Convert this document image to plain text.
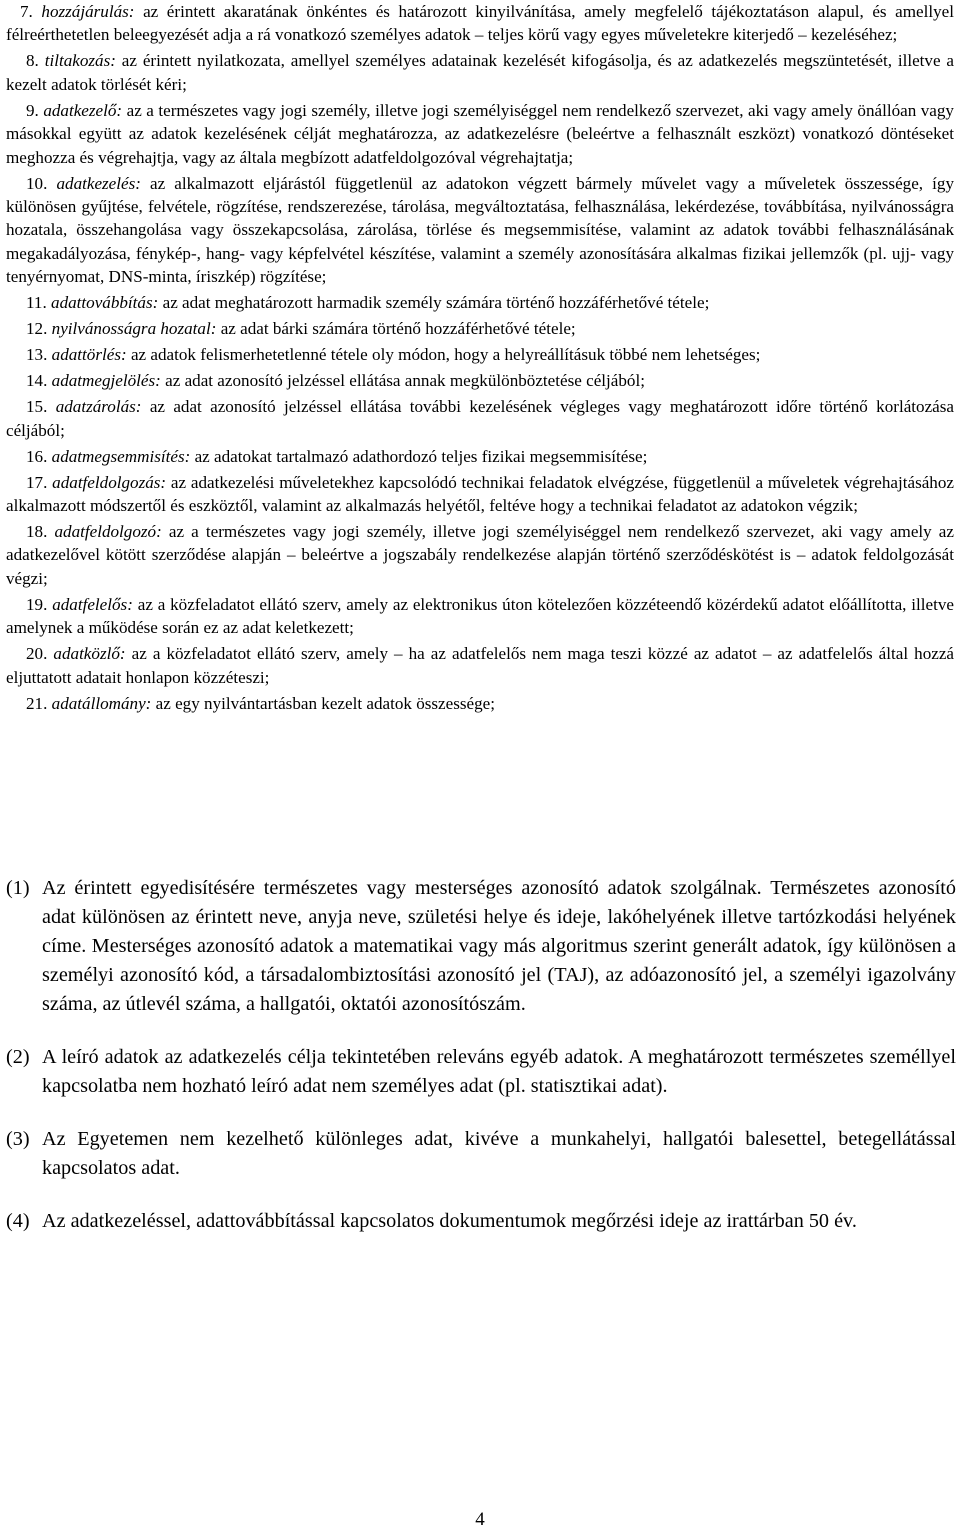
7. hozzájárulás: az érintett akaratának önkéntes és határozott kinyilvánítása, amely megfelelő tájékoztatáson alapul, és amellyel félreérthetetlen beleegyezését adja a rá vonatkozó személyes adatok – teljes körű vagy egyes műveletekre kiterjedő – kezeléséhez;

8. tiltakozás: az érintett nyilatkozata, amellyel személyes adatainak kezelését kifogásolja, és az adatkezelés megszüntetését, illetve a kezelt adatok törlését kéri;

9. adatkezelő: az a természetes vagy jogi személy, illetve jogi személyiséggel nem rendelkező szervezet, aki vagy amely önállóan vagy másokkal együtt az adatok kezelésének célját meghatározza, az adatkezelésre (beleértve a felhasznált eszközt) vonatkozó döntéseket meghozza és végrehajtja, vagy az általa megbízott adatfeldolgozóval végrehajtatja;

10. adatkezelés: az alkalmazott eljárástól függetlenül az adatokon végzett bármely művelet vagy a műveletek összessége, így különösen gyűjtése, felvétele, rögzítése, rendszerezése, tárolása, megváltoztatása, felhasználása, lekérdezése, továbbítása, nyilvánosságra hozatala, összehangolása vagy összekapcsolása, zárolása, törlése és megsemmisítése, valamint az adatok további felhasználásának megakadályozása, fénykép-, hang- vagy képfelvétel készítése, valamint a személy azonosítására alkalmas fizikai jellemzők (pl. ujj- vagy tenyérnyomat, DNS-minta, íriszkép) rögzítése;

11. adattovábbítás: az adat meghatározott harmadik személy számára történő hozzáférhetővé tétele;

12. nyilvánosságra hozatal: az adat bárki számára történő hozzáférhetővé tétele;

13. adattörlés: az adatok felismerhetetlenné tétele oly módon, hogy a helyreállításuk többé nem lehetséges;

14. adatmegjelölés: az adat azonosító jelzéssel ellátása annak megkülönböztetése céljából;

15. adatzárolás: az adat azonosító jelzéssel ellátása további kezelésének végleges vagy meghatározott időre történő korlátozása céljából;

16. adatmegsemmisítés: az adatokat tartalmazó adathordozó teljes fizikai megsemmisítése;

17. adatfeldolgozás: az adatkezelési műveletekhez kapcsolódó technikai feladatok elvégzése, függetlenül a műveletek végrehajtásához alkalmazott módszertől és eszköztől, valamint az alkalmazás helyétől, feltéve hogy a technikai feladatot az adatokon végzik;

18. adatfeldolgozó: az a természetes vagy jogi személy, illetve jogi személyiséggel nem rendelkező szervezet, aki vagy amely az adatkezelővel kötött szerződése alapján – beleértve a jogszabály rendelkezése alapján történő szerződéskötést is – adatok feldolgozását végzi;

19. adatfelelős: az a közfeladatot ellátó szerv, amely az elektronikus úton kötelezően közzéteendő közérdekű adatot előállította, illetve amelynek a működése során ez az adat keletkezett;

20. adatközlő: az a közfeladatot ellátó szerv, amely – ha az adatfelelős nem maga teszi közzé az adatot – az adatfelelős által hozzá eljuttatott adatait honlapon közzéteszi;

21. adatállomány: az egy nyilvántartásban kezelt adatok összessége;

(1) Az érintett egyedisítésére természetes vagy mesterséges azonosító adatok szolgálnak. Természetes azonosító adat különösen az érintett neve, anyja neve, születési helye és ideje, lakóhelyének illetve tartózkodási helyének címe. Mesterséges azonosító adatok a matematikai vagy más algoritmus szerint generált adatok, így különösen a személyi azonosító kód, a társadalombiztosítási azonosító jel (TAJ), az adóazonosító jel, a személyi igazolvány száma, az útlevél száma, a hallgatói, oktatói azonosítószám.
(2) A leíró adatok az adatkezelés célja tekintetében releváns egyéb adatok. A meghatározott természetes személlyel kapcsolatba nem hozható leíró adat nem személyes adat (pl. statisztikai adat).
(3) Az Egyetemen nem kezelhető különleges adat, kivéve a munkahelyi, hallgatói balesettel, betegellátással kapcsolatos adat.
(4) Az adatkezeléssel, adattovábbítással kapcsolatos dokumentumok megőrzési ideje az irattárban 50 év.
4
